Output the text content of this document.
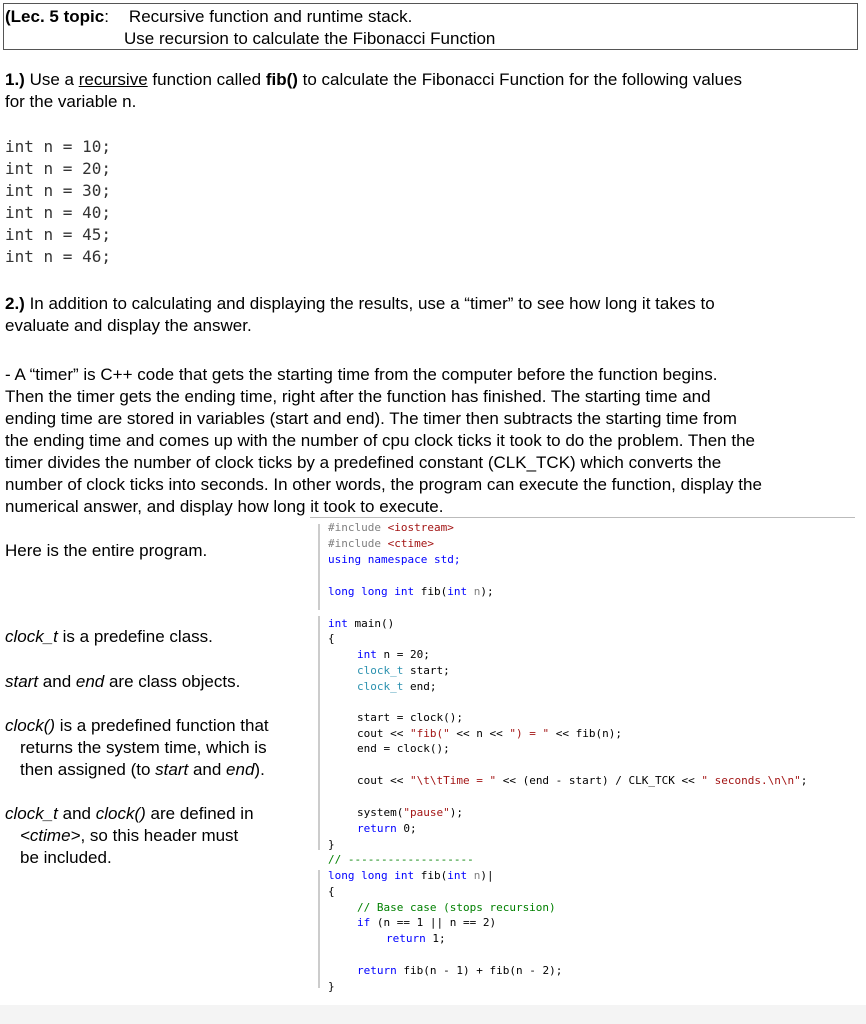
(Lec. 5 topic: Recursive function and runtime stack.
Use recursion to calculate the Fibonacci Function
1.) Use a recursive function called fib() to calculate the Fibonacci Function for the following values
for the variable n.
int n = 10;
int n = 20;
int n = 30;
int n = 40;
int n = 45;
int n = 46;
2.) In addition to calculating and displaying the results, use a “timer” to see how long it takes to
evaluate and display the answer.
- A “timer” is C++ code that gets the starting time from the computer before the function begins.
Then the timer gets the ending time, right after the function has finished. The starting time and
ending time are stored in variables (start and end). The timer then subtracts the starting time from
the ending time and comes up with the number of cpu clock ticks it took to do the problem. Then the
timer divides the number of clock ticks by a predefined constant (CLK_TCK) which converts the
number of clock ticks into seconds. In other words, the program can execute the function, display the
numerical answer, and display how long it took to execute.
Here is the entire program.
clock_t is a predefine class.
start and end are class objects.
clock() is a predefined function that
returns the system time, which is
then assigned (to start and end).
clock_t and clock() are defined in
<ctime>, so this header must
be included.
#include <iostream>
#include <ctime>
using namespace std;
long long int fib(int n);
int main()
{
int n = 20;
clock_t start;
clock_t end;
start = clock();
cout << "fib(" << n << ") = " << fib(n);
end = clock();
cout << "\t\tTime = " << (end - start) / CLK_TCK << " seconds.\n\n";
system("pause");
return 0;
}
// -------------------
long long int fib(int n)|
{
// Base case (stops recursion)
if (n == 1 || n == 2)
return 1;
return fib(n - 1) + fib(n - 2);
}
